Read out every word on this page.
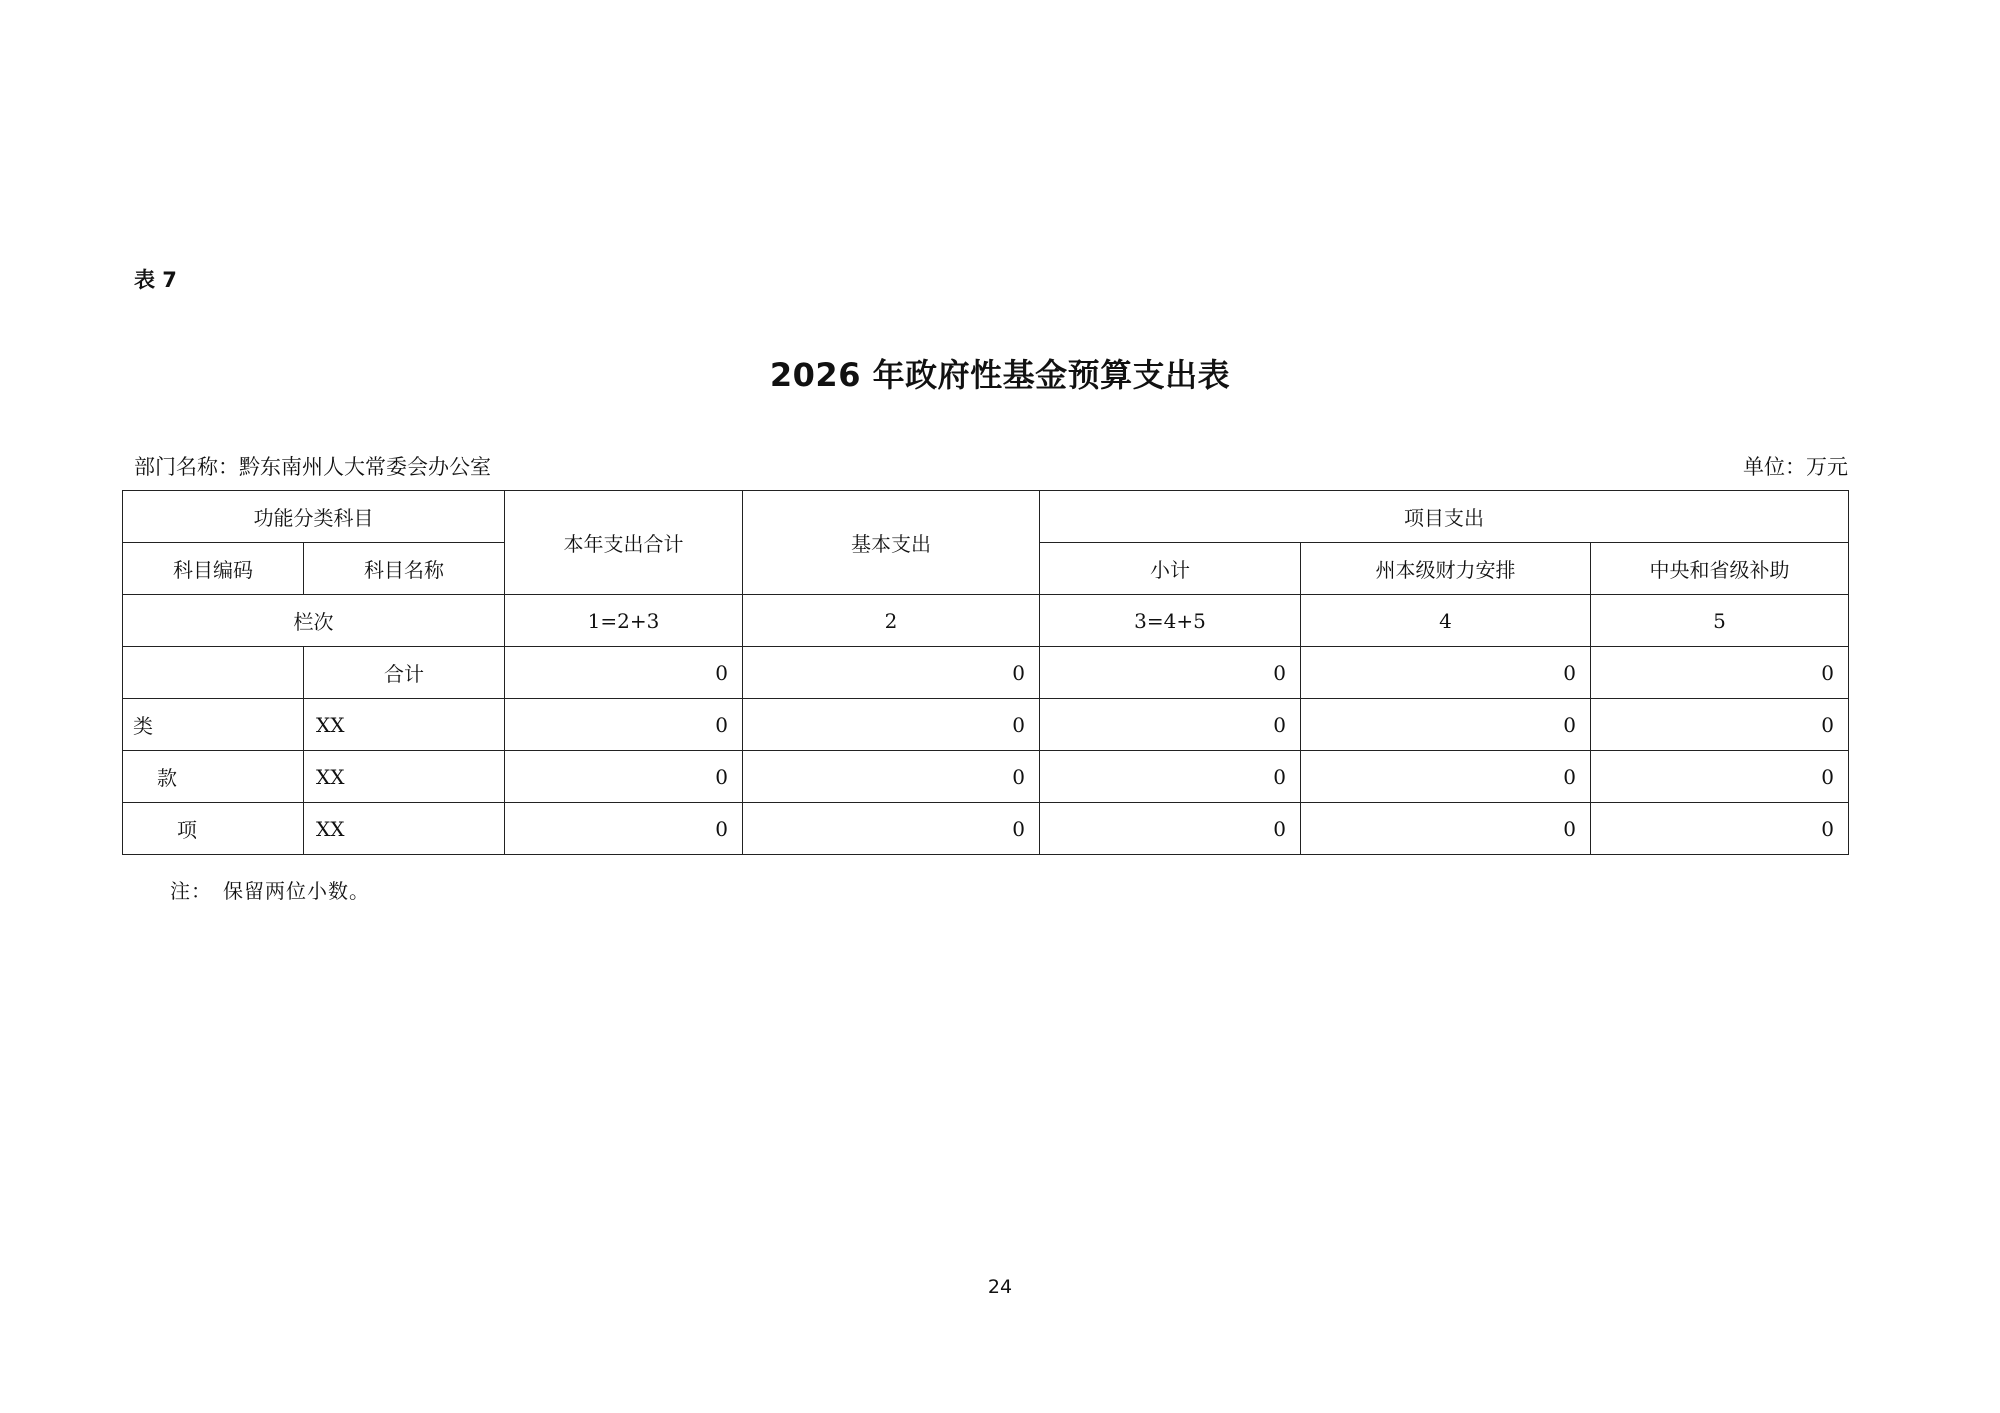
表 7
2026 年政府性基金预算支出表
部门名称：黔东南州人大常委会办公室	单位：万元
功能分类科目		本年支出合计	基本支出	项目支出		
科目编码	科目名称			小计	州本级财力安排	中央和省级补助
栏次		1=2+3	2	3=4+5	4	5
	合计	0	0	0	0	0
类	XX	0	0	0	0	0
款	XX	0	0	0	0	0
项	XX	0	0	0	0	0
注：　保留两位小数。
24
